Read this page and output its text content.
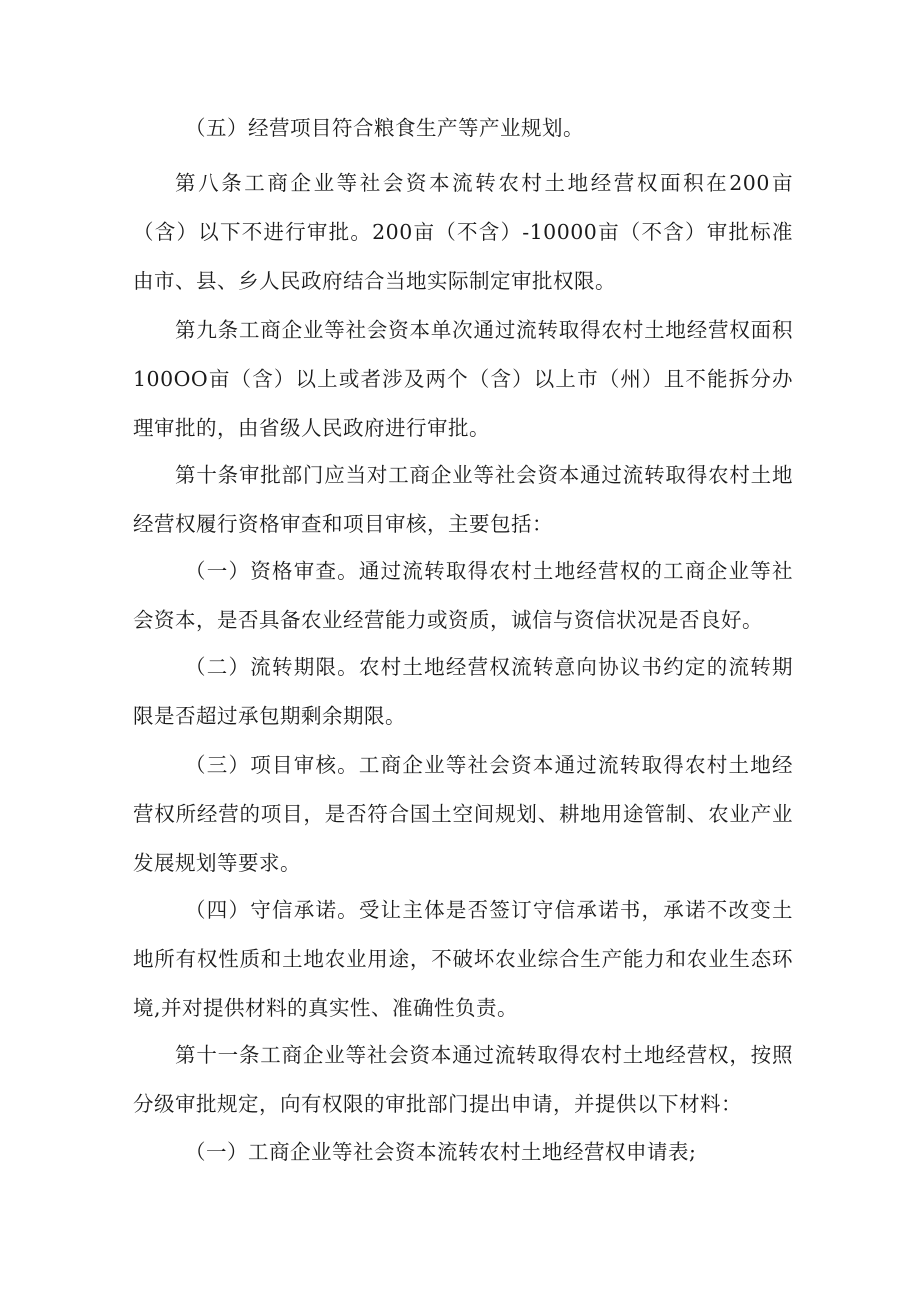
（五）经营项目符合粮食生产等产业规划。

第八条工商企业等社会资本流转农村土地经营权面积在200亩（含）以下不进行审批。200亩（不含）-10000亩（不含）审批标准由市、县、乡人民政府结合当地实际制定审批权限。

第九条工商企业等社会资本单次通过流转取得农村土地经营权面积100OO亩（含）以上或者涉及两个（含）以上市（州）且不能拆分办理审批的，由省级人民政府进行审批。

第十条审批部门应当对工商企业等社会资本通过流转取得农村土地经营权履行资格审查和项目审核，主要包括：

（一）资格审查。通过流转取得农村土地经营权的工商企业等社会资本，是否具备农业经营能力或资质，诚信与资信状况是否良好。

（二）流转期限。农村土地经营权流转意向协议书约定的流转期限是否超过承包期剩余期限。

（三）项目审核。工商企业等社会资本通过流转取得农村土地经营权所经营的项目，是否符合国土空间规划、耕地用途管制、农业产业发展规划等要求。

（四）守信承诺。受让主体是否签订守信承诺书，承诺不改变土地所有权性质和土地农业用途，不破坏农业综合生产能力和农业生态环境,并对提供材料的真实性、准确性负责。

第十一条工商企业等社会资本通过流转取得农村土地经营权，按照分级审批规定，向有权限的审批部门提出申请，并提供以下材料：

（一）工商企业等社会资本流转农村土地经营权申请表;
